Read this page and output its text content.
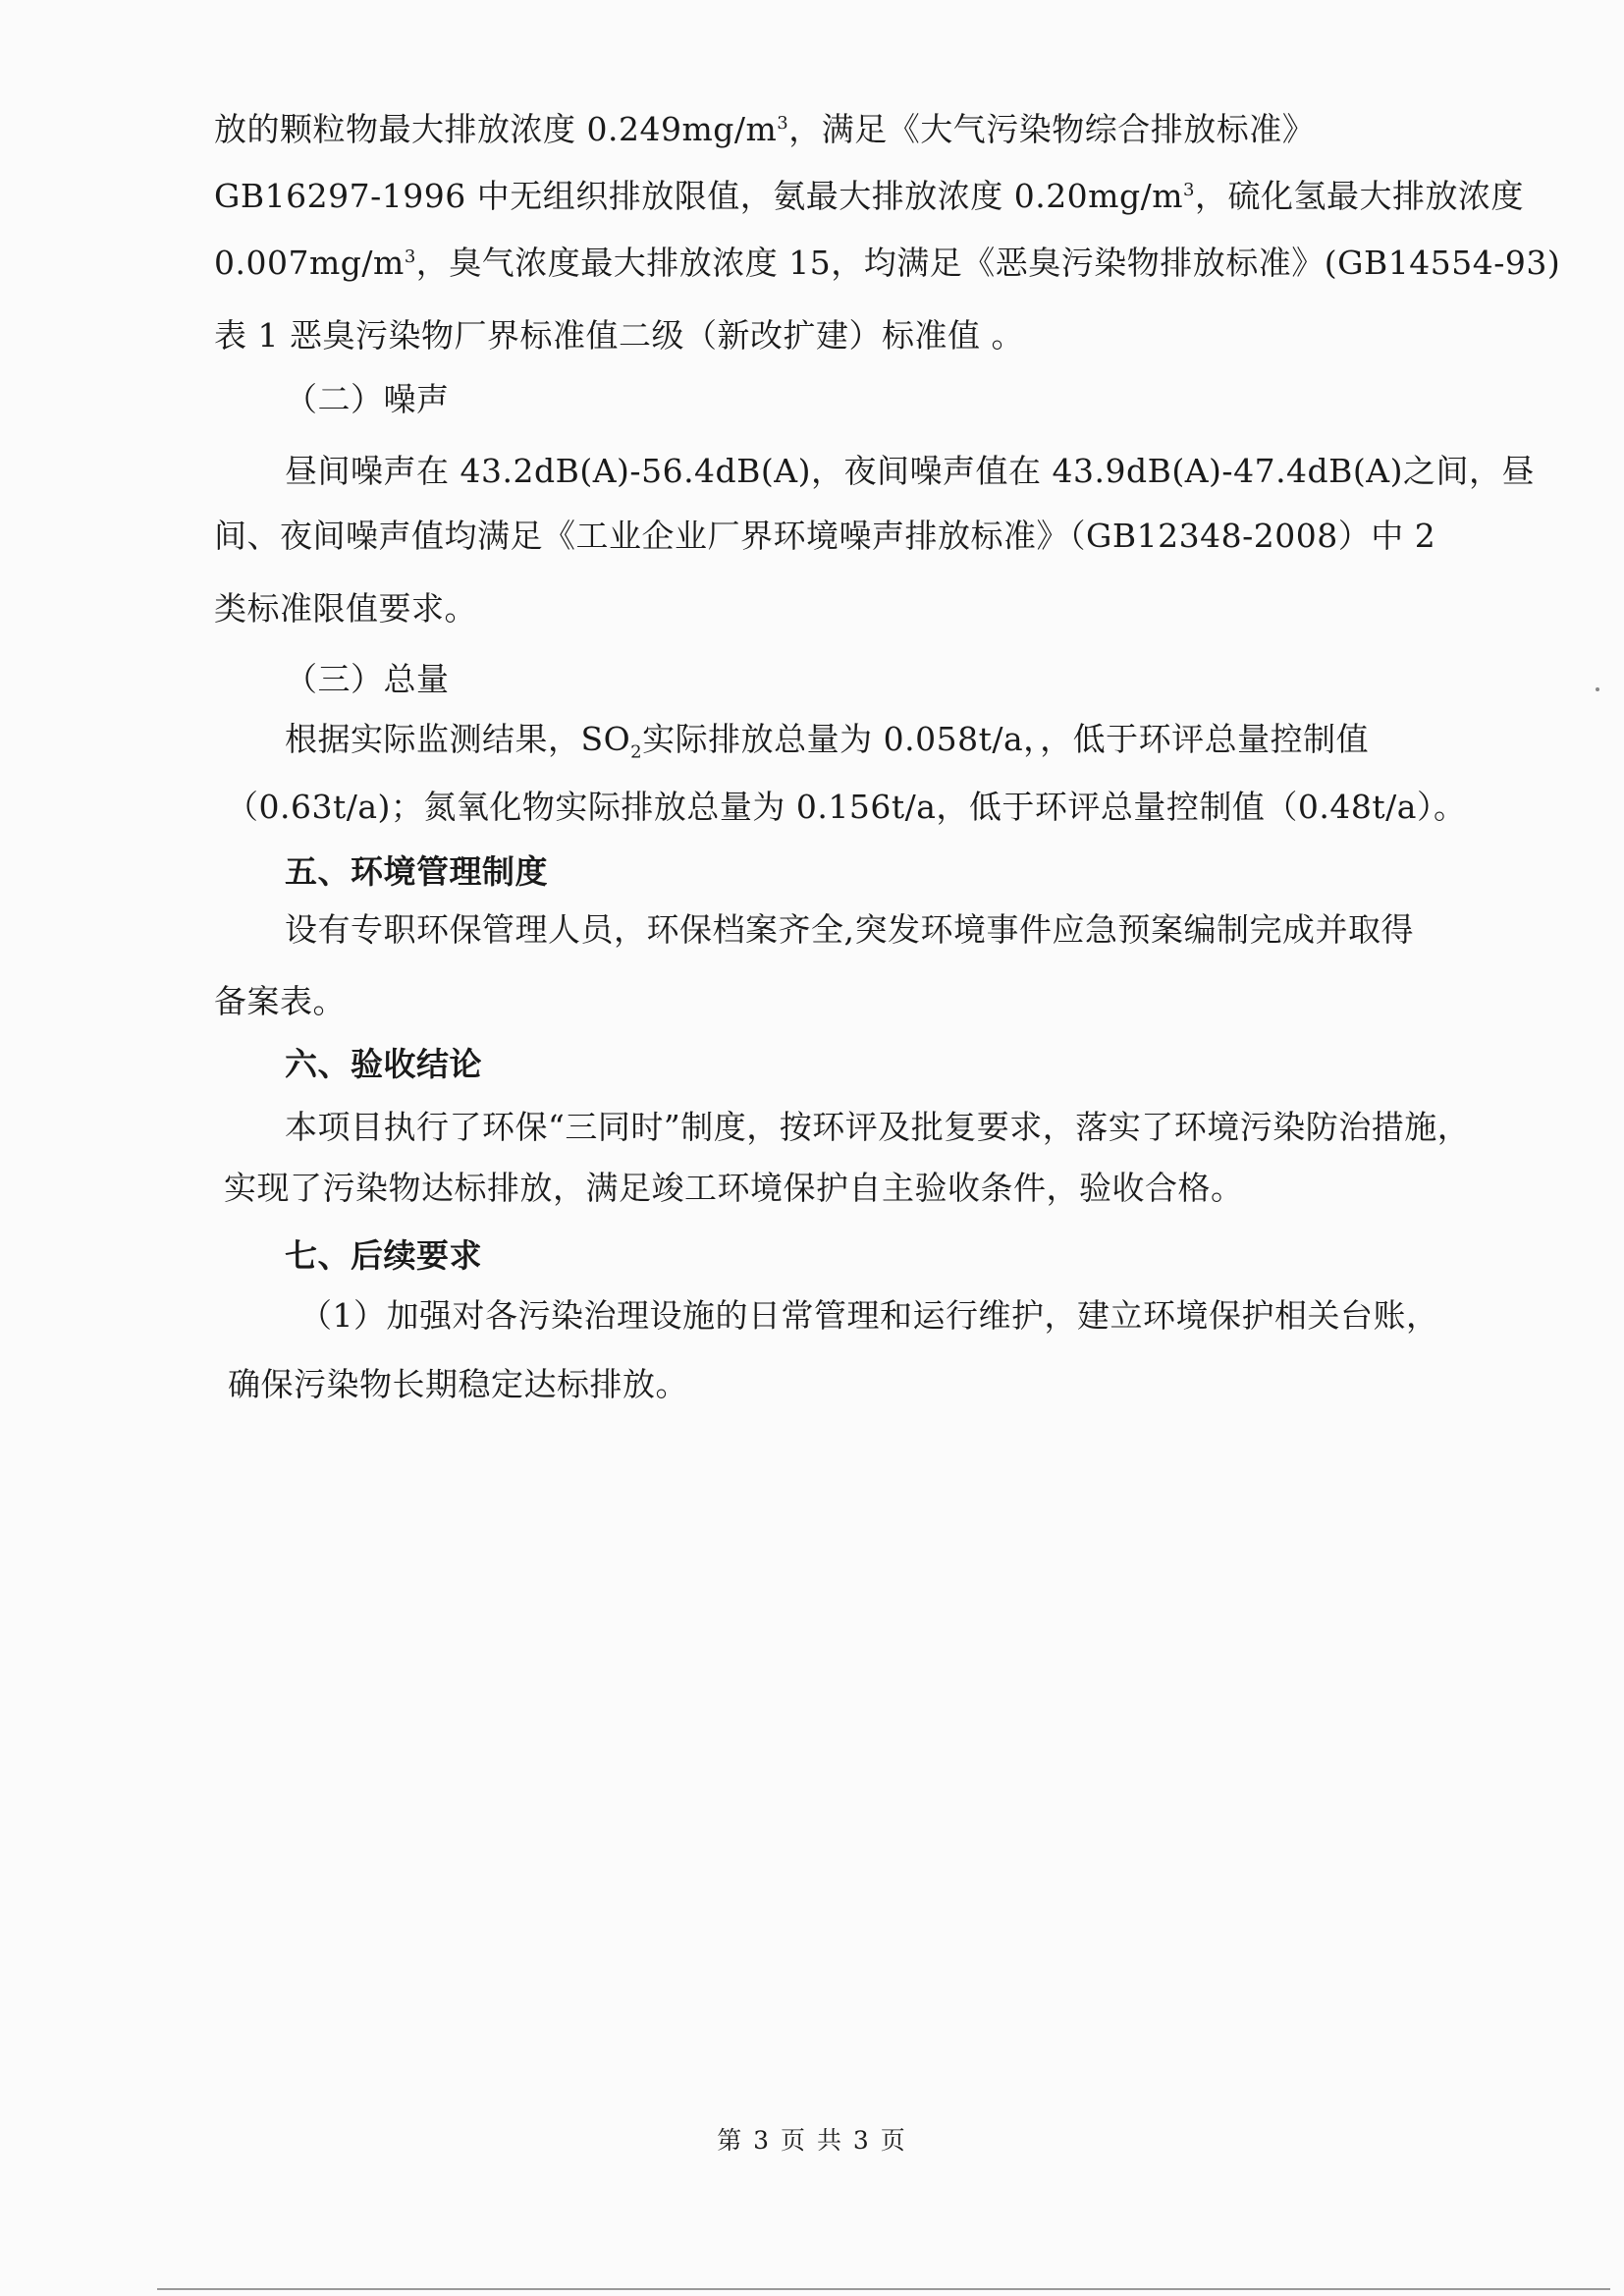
放的颗粒物最大排放浓度 $0.249mg/m^3$，满足《大气污染物综合排放标准》
GB16297-1996 中无组织排放限值，氨最大排放浓度 $0.20mg/m^3$，硫化氢最大排放浓度
$0.007mg/m^3$，臭气浓度最大排放浓度 15，均满足《恶臭污染物排放标准》(GB14554-93)
表 1 恶臭污染物厂界标准值二级（新改扩建）标准值 。
（二）噪声
昼间噪声在 43.2dB(A)-56.4dB(A)，夜间噪声值在 43.9dB(A)-47.4dB(A)之间，昼
间、夜间噪声值均满足《工业企业厂界环境噪声排放标准》（GB12348-2008）中 2
类标准限值要求。
（三）总量
根据实际监测结果，$SO_2$实际排放总量为 0.058t/a，，低于环评总量控制值
（0.63t/a)；氮氧化物实际排放总量为 0.156t/a，低于环评总量控制值（0.48t/a）。
五、环境管理制度
设有专职环保管理人员，环保档案齐全,突发环境事件应急预案编制完成并取得
备案表。
六、验收结论
本项目执行了环保“三同时”制度，按环评及批复要求，落实了环境污染防治措施，
实现了污染物达标排放，满足竣工环境保护自主验收条件，验收合格。
七、后续要求
（1）加强对各污染治理设施的日常管理和运行维护，建立环境保护相关台账，
确保污染物长期稳定达标排放。
第 3 页 共 3 页
